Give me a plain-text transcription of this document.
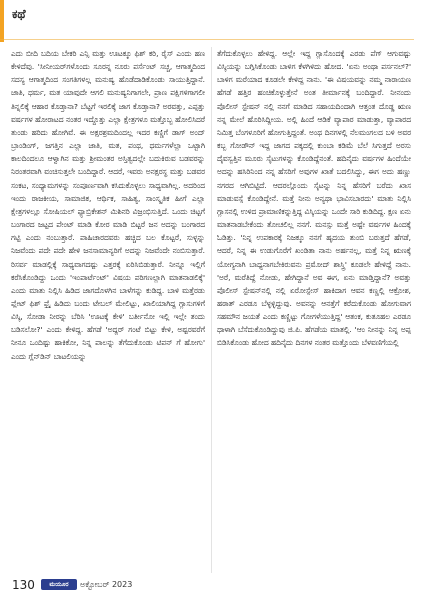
ಕಥೆ

ಎದು ಬೀದಿ ಬದಿಯ ಬೇಕರಿ ಎನ್ಸಿ ಮತ್ತು ಊಟಕ್ಕೂ ಫಿಶ್ ಕರಿ, ರೈಸ್ ಎಂದು ಹಣ ಕೇಳಿದೆವು. 'ಸೀನೀಯರ್‌ಗಳೊಂದು ಸೂರನ್ನ ನೂರು ಪರ್ಸೆಂಟ್ ಸಚ್ಚ, ಆಗಾತ್ಮದಿಂದ ಸದಸ್ಯ ಆಗಾತ್ಮದಿಂದ ಸಂಗತಿಗಳಲ್ಲ ಮನುಷ್ಯ ಹೊಡೆದಾಡಿಕೊಂಡು ಸಾಯುತ್ತಿದ್ದಾನೆ. ಜಾತಿ, ಧರ್ಮ, ಮತ ಯಾವುದೇ ಆಗಲಿ ಮನುಷ್ಯನಿಗಾಗಲೇ, ಪ್ರಾಣ ಪಕ್ಷಿಗಳಿಗಾಗಲೀ ತಿನ್ನಲಿಕ್ಕೆ ಆಹಾರ ಕೊಡ್ತಾನಾ? ಬೆಟ್ಟಗೆ ಇರಲಿಕ್ಕೆ ಜಾಗ ಕೊಡ್ತಾನಾ? ಅರವತ್ತು, ಎಪ್ಪತ್ತು ವರ್ಷಗಳ ಹೋರಾಟದ ನಂತರ ಇದ್ದೊತ್ತು ಎಲ್ಲಾ ಕ್ಷೇತ್ರಗಳೂ ಮತ್ತೊಬ್ಬ ಹೋಲಿಸಿದರೆ ತುಂಡು ಹರಿದು ಹೋಗಿವೆ. ಈ ಅಕ್ಷರಶ್ರಮದಿಂದಲ್ಲ ಇದರ ಕಣ್ಣಿಗೆ ಡಾಗ್ ಅಂದ್ ಬ್ರಾಂಡಿಂಗ್, ಜಗತ್ತಿನ ಎಲ್ಲಾ ಜಾತಿ, ಮತ, ಪಂಥ, ಧರ್ಮಗಳೆಲ್ಲಾ ಒಟ್ಟಾಗಿ ಕಾಲದಿಂದಲೂ ಆಳ್ವಾಗಿನ ಮತ್ತು ಶ್ರೀಮಂತರ ಅಸ್ತಿತ್ವದಲ್ಲೇ ಬದುಕಿರುವ ಬಡವರನ್ನು ನಿರಂತರವಾಗಿ ವಂಚಿಸುತ್ತಲೇ ಬಂದಿದ್ದಾರೆ. ಆದರೆ, ಇವರು ಅನಕ್ಷರಸ್ಥ ಮತ್ತು ಬಡವರ ಸಂಕಟ, ಸಂಧ್ಯಾಮಗಳನ್ನು ಸಂಪೂರ್ಣವಾಗಿ ಕಸಿದುಕೊಳ್ಳಲು ಸಾಧ್ಯವಾಗಿಲ್ಲ. ಅದರಿಂದ ಇಂದು ರಾಜಕೀಯ, ಸಾಮಾಜಿಕ, ಆರ್ಥಿಕ, ಸಾಹಿತ್ಯ, ಸಾಂಸ್ಕೃತಿಕ ಹೀಗೆ ಎಲ್ಲಾ ಕ್ಷೇತ್ರಗಳಲ್ಲೂ ಸೋಷಿಯಲ್ ಫ್ಯಾಬ್ರಿಕೇಶನ್ ಮಿಶಿನರಿ ವಿಜ್ರಂಭಿಸುತ್ತಿದೆ. ಒಂದು ಚಿಟ್ಟಗೆ ಬಂಗಾರದ ಜಟ್ಟದ ಪೇಂಟ್ ಮಾಡಿ ಕೋರ ಮಾಡಿ ಬಿಟ್ಟರೆ ಜನ ಅದನ್ನು ಬಂಗಾರದ ಗಟ್ಟಿ ಎಂದು ನಂಬುತ್ತಾರೆ. ಪಾಹಿಚಾರದವರು ಹಚ್ಚಿದ ಬಲ ಕೊಟ್ಟರೆ, ಸುಳ್ಳನ್ನು ನಿಜವೆಂದು ಪದೇ ಪದೇ ಹೇಳಿ ಜನಸಾಮಾನ್ಯರಿಗೆ ಅದನ್ನು ನಿಜವೆಂದೇ ನಂಬಿಸುತ್ತಾರೆ. ರಿಸರ್ವ ಮಾಡಲ್ಲಿಕ್ಕೆ ಸಾಧ್ಯವಾಗದಷ್ಟು ಎತ್ತರಕ್ಕೆ ಏರಿಸಿಬಿಡುತ್ತಾರೆ. ನೀನ್ನೂ ಇಲ್ಲಿಗೆ ಕರೆಸಿಕೊಂಡಿದ್ದು ಒಂದು 'ಇಂಪಾರ್ಟೆಂಟ್' ವಿಷಯ ಪರಿಗಣಲ್ಲಾಗಿ ಮಾತನಾಡಲಿಕ್ಕೆ' ಎಂದು ಮಾತು ನಿಲ್ಲಿಸಿ ಹಿಡಿದ ಜಾಗದೊಳಗಿನ ಬಾಳೆಗನ್ನು ಕುಡಿದ್ದ. ಬಾಳಿ ಮತ್ತೆರಡು ಪ್ಲೇಟ್ ಫಿಶ್ ಫ್ರೈ ಹಿಡಿದು ಬಂದು ಟೇಬಲ್ ಮೇಲಿಟ್ಟು, ಖಾಲಿಯಾಗಿದ್ದ ಗ್ಲಾಸುಗಳಿಗೆ ವಿಸ್ಕಿ, ಸೋಡಾ ನೀರನ್ನು ಬೆರಿಸಿ 'ಊಟಕ್ಕೆ ಕೇಳಿ' ಬರ್ತೀನೋ ಇಲ್ಲಿ ಇಲ್ಲೇ ತಂದು ಬಡಿಸಲೋ?' ಎಂದು ಕೇಳಿದ್ದ. ಹೆಗಡೆ 'ಅದ್ದರ್ ಗಂಟೆ ಬಿಟ್ಟು ಕೇಳಿ, ಅಷ್ಟರವರೆಗೆ ನೀನೂ ಒಂದಿಷ್ಟು ಹಾಕಿಕೋ, ನಿನ್ನ ಪಾಲನ್ನು ತೆಗೆದುಕೊಂಡು ಟಿಪನ್ ಗೆ ಹೋಗು' ಎಂದು ಗ್ಲೆನ್‌ಡಿನ್ ಬಾಟಲಿಯನ್ನು

ತೆಗೆದುಕೊಳ್ಳಲು ಹೇಳಿದ್ದ. ಆಲ್ಲೇ ಇದ್ದ ಗ್ಲಾಸೊಂದಕ್ಕೆ ಎರಡು ಪೆಗ್ ಆಗುವಷ್ಟು ವಿಸ್ಕಿಯನ್ನು ಬಗ್ಗಿಸಿಕೊಂಡು ಬಾಳಿಗ ಕೆಳಗಿಳಿದು ಹೋದ. 'ಏನು ಅಂಥಾ ಪರ್ಸನಲ್?' ಬಾಳಿಗ ಮರೆಯಾದ ಕೂಡಲೇ ಕೇಳಿದ್ದ ನಾನು. 'ಈ ವಿಷಯವನ್ನು ನಮ್ಮ ನಾರಾಯಣ ಹೆಗಡೆ ಹತ್ತಿರ ಹಂಚಿಕೊಳ್ಳುತ್ತೇನೆ ಅಂತ ತೀರ್ಮಾನಕ್ಕೆ ಬಂದಿದ್ದಾರೆ. ನೀನಂದು ಪೊಲೀಸ್ ಸ್ಟೇಷನ್ ನಲ್ಲಿ ನನಗೆ ಮಾಡಿದ ಸಹಾಯದಿಂದಾಗಿ ಆತ್ತಂತ ದೊಡ್ಡ ಋಣ ನನ್ನ ಮೇಲೆ ಹೊರಿಸಿದ್ದೀಯ. ಅಲ್ಲಿ ಹಿಂದೆ ಆಡಿಕೆ ವ್ಯಾಪಾರ ಮಾಡುತ್ತಾ, ವ್ಯಾಪಾರದ ನಿಮಿತ್ತ ಬೆಂಗಳೂರಿಗೆ ಹೋಗುತ್ತಿದ್ದಂತೆ. ಅಂಥ ದಿನಗಳಲ್ಲಿ ನೆಲಮಂಗಲದ ಬಳಿ ಅವರ ಕಬ್ಬ ಗೋಡೌನ್ ಇದ್ದ ಜಾಗದ ಪಕ್ಕದಲ್ಲಿ ಕುಂಬಾ ಕಡಿಮೆ ಬೆಲೆ ಸಿಗುತ್ತದೆ ಅರಸು ದೈವಸ್ವತ್ತಿನ ಮೂರು ಸೈಟುಗಳನ್ನು ಕೊಂಡಿದ್ದೆನಂತೆ. ಹದಿನೈದು ವರ್ಷಗಳ ಹಿಂದೆಯೇ ಅದನ್ನು ಹಸಿರಿನಿಂದ ನನ್ನ ಹೆಸರಿಗೆ ಅವುಗಳ ಖಾತೆ ಬದಲಿಸಿದ್ದು, ಈಗ ಅದು ಹಣ್ಣು ನಗರದ ಆಗಿಬಿಟ್ಟಿದೆ. ಆದರಲ್ಲೊಂದು ಸೈಟನ್ನು ನಿನ್ನ ಹೆಸರಿಗೆ ಬರೆದು ಖಾಸ ಮಾಡುವಸ್ಸೆ ಕೊಂಡಿದ್ದೇನೆ. ಮತ್ತೆ ನೀನು ಅನ್ಯಥಾ ಭಾವಿಸಬಾರದು' ಮಾತು ನಿಲ್ಲಿಸಿ ಗ್ಲಾಸನಲ್ಲಿ ಉಳಿದ ಪ್ರಾಮಾಣಿಕನ್ನುತ್ತಿದ್ದ ವಿಸ್ಕಿಯನ್ನು ಒಂದೇ ಸಾರಿ ಕುಡಿದಿದ್ದ. ಕ್ಷಣ ಏನು ಮಾತನಾಡಬೇಕೆಂದು ತೋಚಲಿಲ್ಲ ನನಗೆ. ಮನಸ್ಸು ಮತ್ತೆ ಅಷ್ಟೇ ವರ್ಷಗಳ ಹಿಂದಕ್ಕೆ ಓಡಿತ್ತು. 'ನಿನ್ನ ಉಪಕಾರಕ್ಕೆ ನಿಜಕ್ಕೂ ನನಗೆ ಹೃದಯ ತುಂಬಿ ಬರುತ್ತದೆ ಹೆಗಡೆ, ಆದರೆ, ನಿನ್ನ ಈ ಉಡುಗೊರೆಗೆ ಖಂಡಿತಾ ನಾನು ಅರ್ಹನಲ್ಲ, ಮತ್ತೆ ನಿನ್ನ ಋಣಕ್ಕೆ ಯೋಗ್ಯನಾಗಿ ಬಾಧ್ಯನಾಗಬೇಕಿರುವನು ಪ್ರಮೋದ್ ಶಾಸ್ತ್ರಿ' ಕೂಡಲೇ ಹೇಳಿದ್ದೆ ನಾನು. 'ಅರೆ, ಮರೆತಿದ್ದೆ ನೋಡು, ಹೇಗಿದ್ದಾನೆ ಅವ ಈಗ, ಏನು ಮಾಡ್ತಿದ್ದಾನೆ? ಅವತ್ತು ಪೊಲೀಸ್ ಸ್ಟೇಷನ್‌ನಲ್ಲಿ ನಲ್ಲಿ ಏರೋಸ್ಪೇಸ್ ಹಾಕಿದಾಗ ಆವನ ಕಣ್ಣಲ್ಲಿ ಆಕ್ರೋಶ, ಹಠಾತ್ ಎರಡೂ ಬೆಳ್ಳಳ್ಳಿದ್ದುವು. ಅವನನ್ನು ಆನತ್ತೆಗೆ ಕರೆದುಕೊಂಡು ಹೋಗುವಾಗ ಸಹಮೌನ ಜಯತೆ ಎಂದು ಕಣ್ಣಿಟ್ಟು ಗೋಗಳೆಯುತ್ತಿದ್ದ' ಆತಂಕ, ಕುತೂಹಲ ಎರಡೂ ಧಾಳಾಗಿ ಬೆಸೆದುಕೊಂಡಿದ್ದುವು ಜಿ.ಪಿ. ಹೆಗಡೆಯ ಮಾತಲ್ಲಿ. 'ಆಂ ನೀನನ್ನು ನಿನ್ನ ಅಪ್ಪ ಬಿಡಿಸಿಕೊಂಡು ಹೋದ ಹದಿನೈದು ದಿನಗಳ ನಂತರ ಮತ್ತೊಂದು ಬೆಳವಣಿಗೆಯಲ್ಲಿ

130	ಮಯೂರ	ಅಕ್ಟೋಬರ್ 2023
